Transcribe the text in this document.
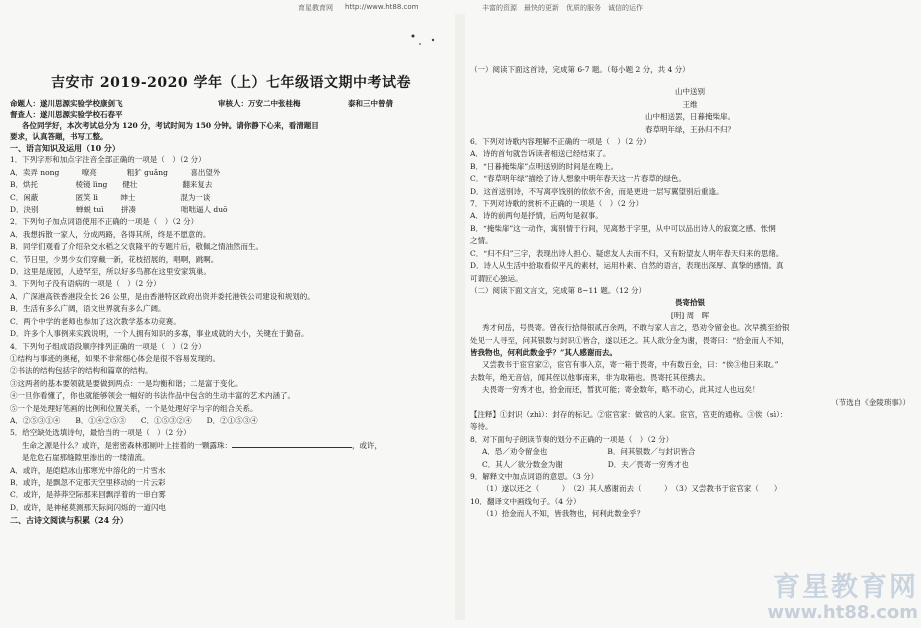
育星教育网 http://www.ht88.com	丰富的资源　最快的更新　优质的服务　诚信的运作
吉安市 2019-2020 学年（上）七年级语文期中考试卷
命题人：遂川思源实验学校康剑飞	审核人：万安二中张桂梅	泰和三中曾倩
督查人：遂川思源实验学校石春平
各位同学好，本次考试总分为 120 分，考试时间为 150 分钟。请你静下心来，看清题目
要求，认真答题，书写工整。
一、语言知识及运用（10 分）
1．下列字形和加点字注音全部正确的一项是（　）（2 分）
A．卖弄 nong　　　嘹亮　　　　粗犷 guǎng　　　喜出望外
B．烘托　　　　　棱镜 lìng　　健壮　　　　　　翻来复去
C．闲蔽　　　　　匿笑 lì　　　绅士　　　　　　混为一谈
D．決别　　　　　蝉蜕 tuì　　 拼凑　　　　　　咄咄逼人 duō
2．下列句子加点词语使用不正确的一项是（　）（2 分）
A．我想拆散一家人，分成两路，各得其所，终是不愿意的。
B．同学们观看了介绍杂交水稻之父袁隆平的专题片后，敬佩之情油然而生。
C．节日里，少男少女们穿戴一新，花枝招展的，唱啊，跳啊。
D．这里是庞园，人迹罕至，所以好多鸟都在这里安家筑巢。
3．下列句子没有语病的一项是（　）（2 分）
A．广深港高铁香港段全长 26 公里，是由香港特区政府出资并委托港铁公司建设和规划的。
B．生活有多么广阔，语文世界就有多么广阔。
C．两个中学的老师也参加了这次教学基本功竞赛。
D．许多个人事例来实践说明，一个人拥有知识的多寡，事业成就的大小，关键在于勤奋。
4．下列句子组成语段顺序排列正确的一项是（　）（2 分）
①结构与事迹的奥秘，如果不非常细心体会是很不容易发现的。
②书法的结构包括字的结构和篇章的结构。
③这两者的基本要领就是要做到两点：一是均衡和谐；二是富于变化。
④一旦你看懂了，你也就能够领会一幅好的书法作品中包含的生动丰富的艺术内涵了。
⑤一个是处理好笔画的比例和位置关系，一个是处理好字与字的组合关系。
A．②⑤③①④　　B．①④②⑤③　　C．①⑤③②④　　D．②①⑤③④
5．给空缺处选填诗句，最恰当的一项是（　）（2 分）
生命之源是什么？或许，是密密森林那厕叶上挂着的一颗露珠：	，或许，
是危危石崖那缝隙里渗出的一缕清流。
A．或许，是皑皑冰山那寒光中溶化的一片雪水
B．或许，是飘忽不定那天空里移动的一片云彩
C．或许，是莽莽空际那来回飘浮着的一串白雾
D．或许，是神秘莫测那天际间闪烁的一道闪电
二、古诗文阅读与积累（24 分）
（一）阅读下面这首诗，完成第 6-7 题。（每小题 2 分，共 4 分）
山中送别
王维
山中相送罢，日暮掩柴扉。
春草明年绿，王孙归不归？
6．下列对诗歌内容理解不正确的一项是（　）（2 分）
A．诗的首句就告诉读者相送已经结束了。
B．“日暮掩柴扉”点明送别的时间是在晚上。
C．“春草明年绿”描绘了诗人想象中明年春天这一片春草的绿色。
D．这首送别诗，不写离亭饯别的依依不舍，而是更进一层写翼望别后重逢。
7．下列对诗歌的赏析不正确的一项是（　）（2 分）
A．诗的前两句是抒情，后两句是叙事。
B．“掩柴扉”这一动作，寓别情于行间，见离愁于字里，从中可以品出诗人的寂寞之感、怅惘
之情。
C．“归不归”三字，表现出诗人担心、疑虑友人去而不归，又有盼望友人明年春天归来的思绪。
D．诗人从生活中拾取看似平凡的素材，运用朴素、自然的语言，表现出深厚、真挚的感情。真
可谓匠心独运。
（二）阅读下面文言文，完成第 8~11 题。（12 分）
畏寄拾银
[明] 周　晖
秀才何岳，号畏寄。曾夜行拾得银贰百余两，不敢与家人言之，恐劝令留金也。次早携至拾银
处见一人寻至，问其银数与封识①皆合，遂以还之。其人欲分金为谢，畏寄曰：“拾金而人不知，
皆我物也，何利此数金乎？”其人感谢而去。
又尝教书于宦官家②，宦官有事入京，寄一箱于畏寄，中有数百金，曰：“俟③他日来取。”
去数年，绝无音信，闻其侄以他事南来，非为取箱也。畏寄托其侄携去。
夫畏寄一穷秀才也，拾金而还，暂犹可能；寄金数年，略不动心，此其过人也远矣！
（节选自《金陵琐事》）
【注释】①封识（zhì）：封存的标记。②宦官家：做官的人家。宦官，官吏的通称。③俟（sì）：
等待。
8．对下面句子朗读节奏的划分不正确的一项是（　）（2 分）
A．恐／劝令留金也　　　　　　　　B．问其银数／与封识皆合
C．其人／欲分数金为谢　　　　　　D．夫／畏寄一穷秀才也
9．解释文中加点词语的意思。（3 分）
（1）遂以还之（　　　）　（2）其人感谢而去（　　　）　（3）又尝教书于宦官家（　　）
10．翻译文中画线句子。（4 分）
（1）拾金而人不知，皆我物也，何利此数金乎？
育星教育网
www.ht88.com
